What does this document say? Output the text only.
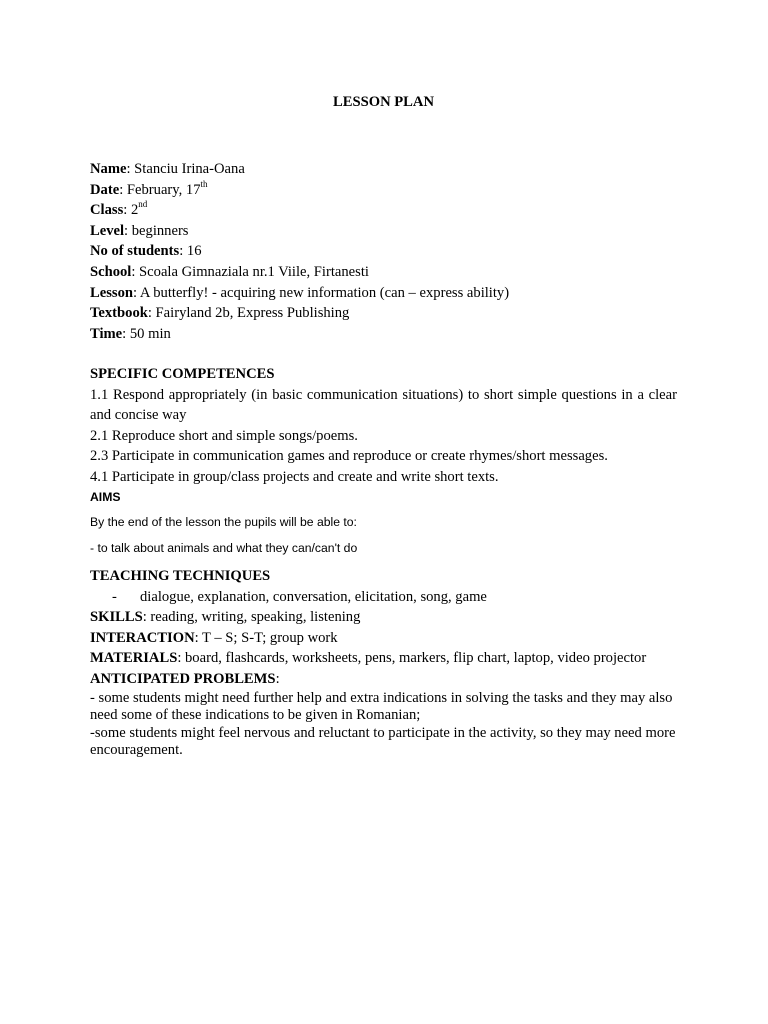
LESSON PLAN
Name: Stanciu Irina-Oana
Date: February, 17th
Class: 2nd
Level: beginners
No of students: 16
School: Scoala Gimnaziala nr.1 Viile, Firtanesti
Lesson: A butterfly! - acquiring new information (can – express ability)
Textbook: Fairyland 2b, Express Publishing
Time: 50 min
SPECIFIC COMPETENCES
1.1 Respond appropriately (in basic communication situations) to short simple questions in a clear and concise way
2.1 Reproduce short and simple songs/poems.
2.3 Participate in communication games and reproduce or create rhymes/short messages.
4.1 Participate in group/class projects and create and write short texts.
AIMS
By the end of the lesson the pupils will be able to:
- to talk about animals and what they can/can't do
TEACHING TECHNIQUES
- dialogue, explanation, conversation, elicitation, song, game
SKILLS: reading, writing, speaking, listening
INTERACTION: T – S; S-T; group work
MATERIALS: board, flashcards, worksheets, pens, markers, flip chart, laptop, video projector
ANTICIPATED PROBLEMS:
- some students might need further help and extra indications in solving the tasks and they may also need some of these indications to be given in Romanian;
-some students might feel nervous and reluctant to participate in the activity, so they may need more encouragement.
